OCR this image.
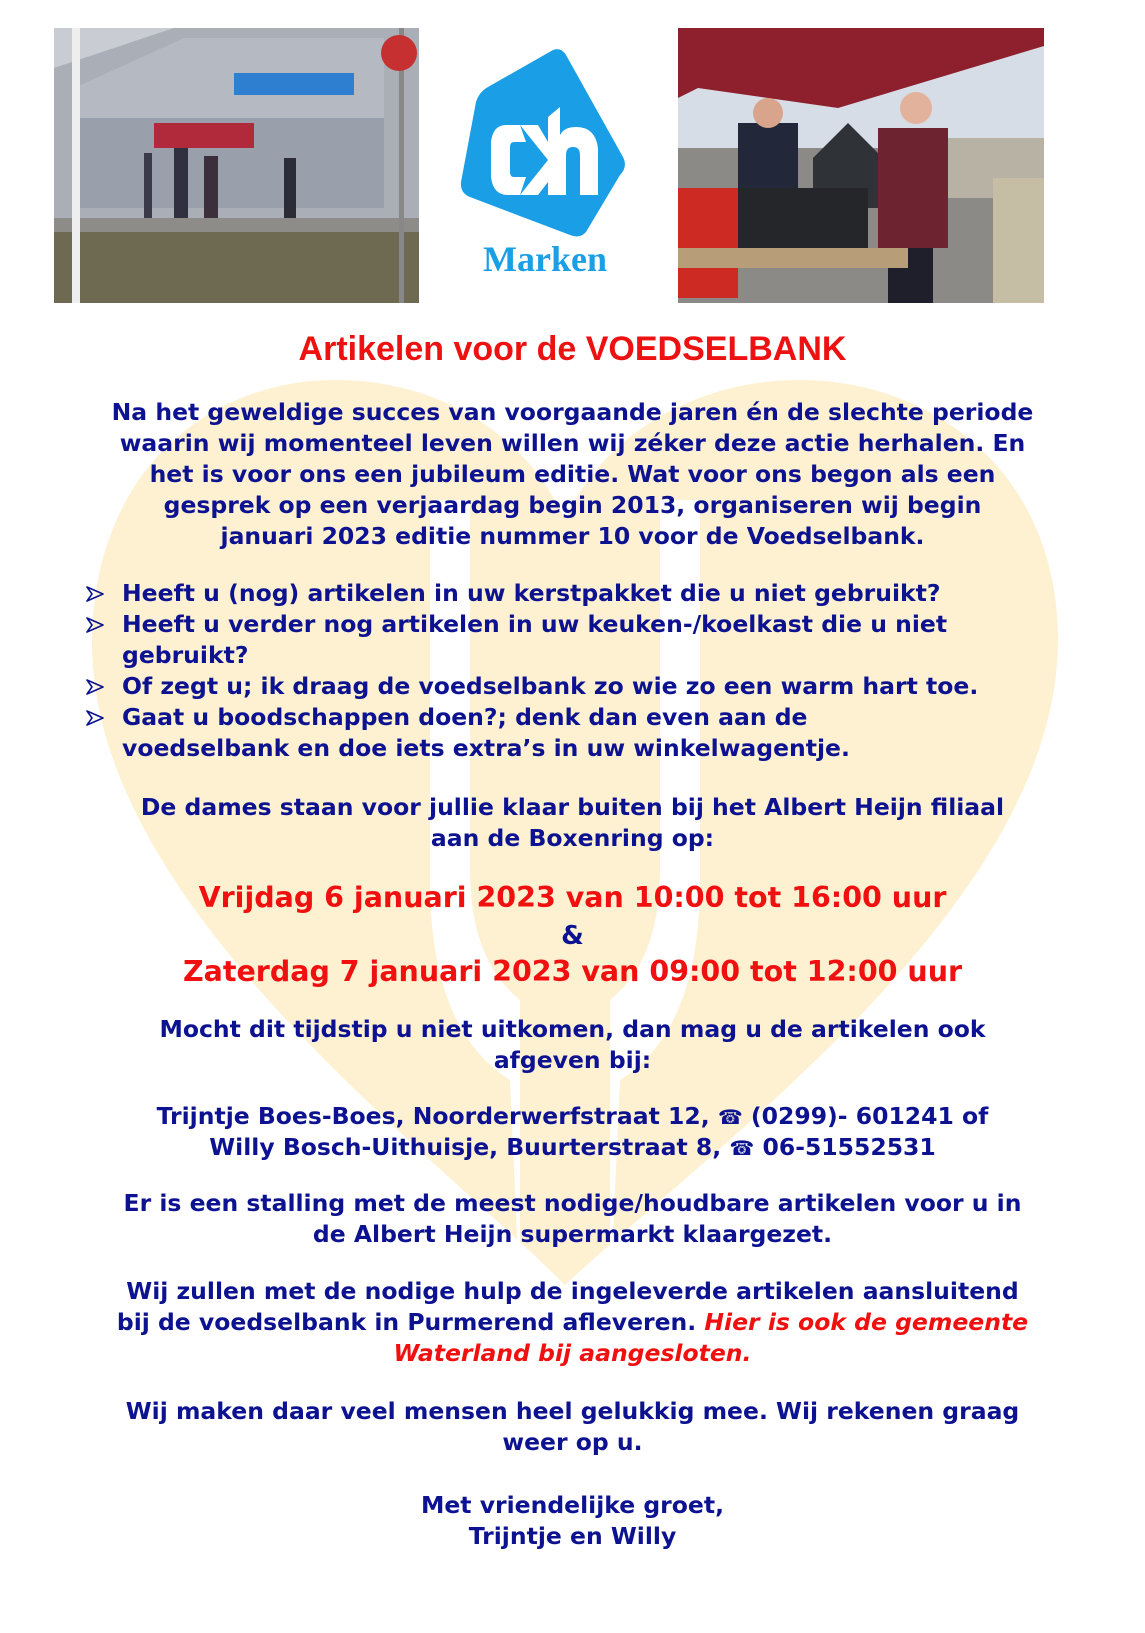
Marken
Artikelen voor de VOEDSELBANK
Na het geweldige succes van voorgaande jaren én de slechte periode
waarin wij momenteel leven willen wij zéker deze actie herhalen. En
het is voor ons een jubileum editie. Wat voor ons begon als een
gesprek op een verjaardag begin 2013, organiseren wij begin
januari 2023 editie nummer 10 voor de Voedselbank.
Heeft u (nog) artikelen in uw kerstpakket die u niet gebruikt?
Heeft u verder nog artikelen in uw keuken-/koelkast die u niet
gebruikt?
Of zegt u; ik draag de voedselbank zo wie zo een warm hart toe.
Gaat u boodschappen doen?; denk dan even aan de
voedselbank en doe iets extra’s in uw winkelwagentje.
De dames staan voor jullie klaar buiten bij het Albert Heijn filiaal
aan de Boxenring op:
Vrijdag 6 januari 2023 van 10:00 tot 16:00 uur
&
Zaterdag 7 januari 2023 van 09:00 tot 12:00 uur
Mocht dit tijdstip u niet uitkomen, dan mag u de artikelen ook
afgeven bij:
Trijntje Boes-Boes, Noorderwerfstraat 12, ☎ (0299)- 601241 of
Willy Bosch-Uithuisje, Buurterstraat 8, ☎ 06-51552531
Er is een stalling met de meest nodige/houdbare artikelen voor u in
de Albert Heijn supermarkt klaargezet.
Wij zullen met de nodige hulp de ingeleverde artikelen aansluitend
bij de voedselbank in Purmerend afleveren. Hier is ook de gemeente
Waterland bij aangesloten.
Wij maken daar veel mensen heel gelukkig mee. Wij rekenen graag
weer op u.
Met vriendelijke groet,
Trijntje en Willy
